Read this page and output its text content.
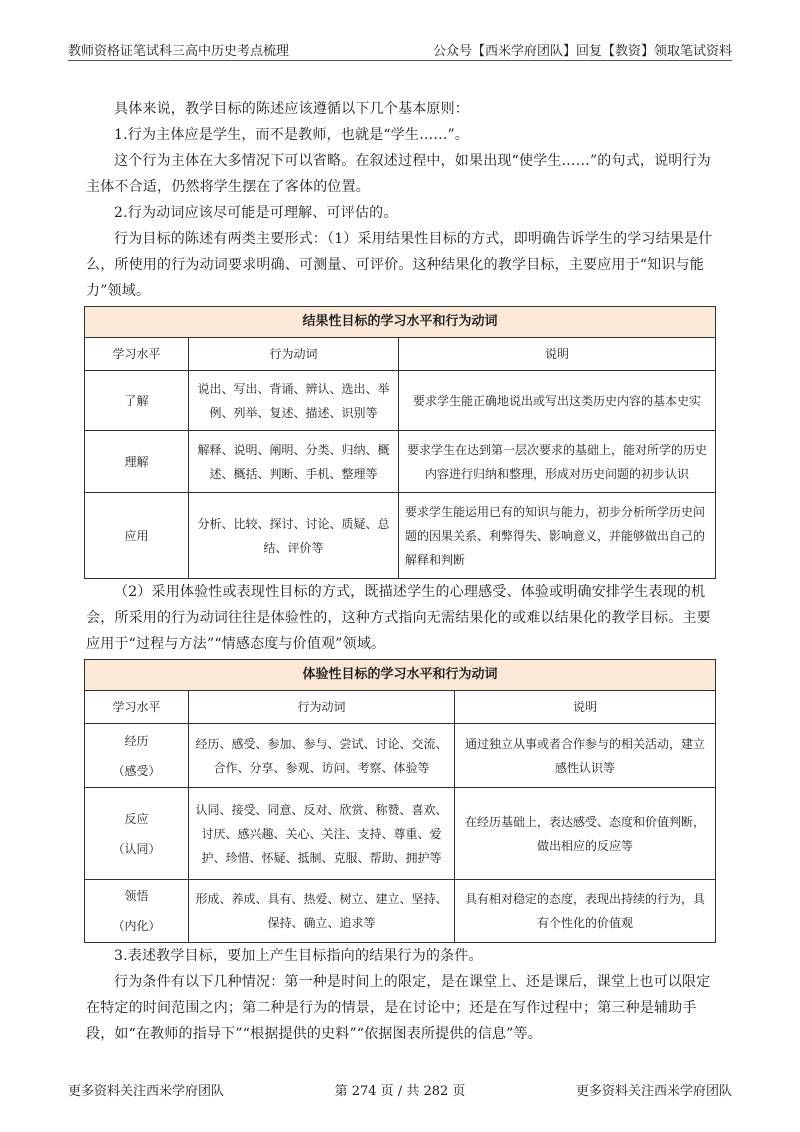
教师资格证笔试科三高中历史考点梳理	公众号【西米学府团队】回复【教资】领取笔试资料

具体来说，教学目标的陈述应该遵循以下几个基本原则：

1.行为主体应是学生，而不是教师，也就是“学生……”。

这个行为主体在大多情况下可以省略。在叙述过程中，如果出现“使学生……”的句式，说明行为主体不合适，仍然将学生摆在了客体的位置。

2.行为动词应该尽可能是可理解、可评估的。

行为目标的陈述有两类主要形式：（1）采用结果性目标的方式，即明确告诉学生的学习结果是什么，所使用的行为动词要求明确、可测量、可评价。这种结果化的教学目标，主要应用于“知识与能力”领域。

结果性目标的学习水平和行为动词		
学习水平	行为动词	说明
了解	说出、写出、背诵、辨认、选出、举例、列举、复述、描述、识别等	要求学生能正确地说出或写出这类历史内容的基本史实
理解	解释、说明、阐明、分类、归纳、概述、概括、判断、手机、整理等	要求学生在达到第一层次要求的基础上，能对所学的历史内容进行归纳和整理，形成对历史问题的初步认识
应用	分析、比较、探讨、讨论、质疑、总结、评价等	要求学生能运用已有的知识与能力，初步分析所学历史问题的因果关系、利弊得失、影响意义，并能够做出自己的解释和判断

（2）采用体验性或表现性目标的方式，既描述学生的心理感受、体验或明确安排学生表现的机会，所采用的行为动词往往是体验性的，这种方式指向无需结果化的或难以结果化的教学目标。主要应用于“过程与方法”“情感态度与价值观”领域。

体验性目标的学习水平和行为动词		
学习水平	行为动词	说明

经历
（感受）	经历、感受、参加、参与、尝试、讨论、交流、合作、分享、参观、访问、考察、体验等	通过独立从事或者合作参与的相关活动，建立感性认识等

反应
（认同）	认同、接受、同意、反对、欣赏、称赞、喜欢、讨厌、感兴趣、关心、关注、支持、尊重、爱护、珍惜、怀疑、抵制、克服、帮助、拥护等	在经历基础上，表达感受、态度和价值判断，做出相应的反应等

领悟
（内化）	形成、养成、具有、热爱、树立、建立、坚持、保持、确立、追求等	具有相对稳定的态度，表现出持续的行为，具有个性化的价值观

3.表述教学目标，要加上产生目标指向的结果行为的条件。

行为条件有以下几种情况：第一种是时间上的限定，是在课堂上、还是课后，课堂上也可以限定在特定的时间范围之内；第二种是行为的情景，是在讨论中；还是在写作过程中；第三种是辅助手段，如“在教师的指导下”“根据提供的史料”“依据图表所提供的信息”等。

更多资料关注西米学府团队	第 274 页 / 共 282 页	更多资料关注西米学府团队
